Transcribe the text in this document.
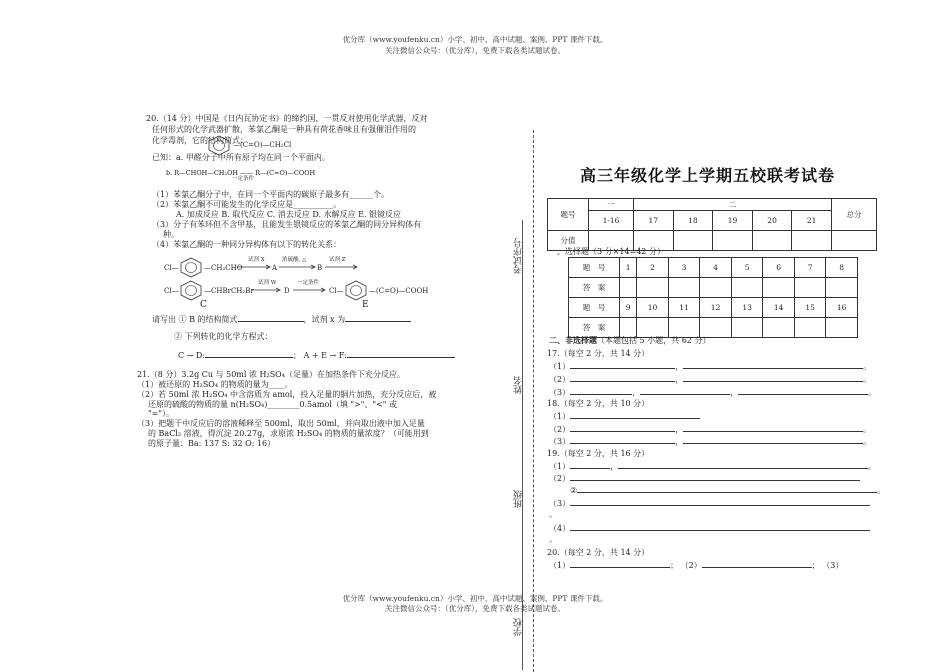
优分库（www.youfenku.cn）小学、初中、高中试题、案例、PPT 课件下载。
关注微信公众号：（优分库），免费下载各类试题试卷。
20.（14 分）中国是《日内瓦协定书》的缔约国，一贯反对使用化学武器，反对
任何形式的化学武器扩散，苯氯乙酮是一种具有荷花香味且有强催泪作用的
化学毒剂，它的结构简式：
—(C=O)—CH₂Cl
已知：a. 甲醛分子中所有原子均在同一个平面内。
b. R—CHOH—CH₂OH —— R—(C=O)—COOH
一定条件
（1）苯氯乙酮分子中，在同一个平面内的碳原子最多有______个。
（2）苯氯乙酮不可能发生的化学反应是__________。
A. 加成反应 B. 取代反应 C. 消去反应 D. 水解反应 E. 银镜反应
（3）分子有苯环但不含甲基，且能发生银镜反应的苯氯乙酮的同分异构体有
种。
（4）苯氯乙酮的一种同分异构体有以下的转化关系：
Cl—	—CH₂CHO
试剂 X
A
浓硫酸, △
B
试剂 Z
Cl—	—CHBrCH₂Br
试剂 W
D
一定条件
Cl—	—(C=O)—COOH
C	E
请写出 ① B 的结构简式	，试剂 x 为
② 下列转化的化学方程式：
C → D:	； A + E → F:
21.（8 分）3.2g Cu 与 50ml 浓 H₂SO₄（足量）在加热条件下充分反应。
（1）被还原的 H₂SO₄ 的物质的量为____。
（2）若 50ml 浓 H₂SO₄ 中含溶质为 amol，投入足量的铜片加热，充分反应后，被
还原的硫酸的物质的量 n(H₂SO₄)________0.5amol（填 ">"、"<" 或
"="）。
（3）把题干中反应后的溶液稀释至 500ml，取出 50ml，并向取出液中加入足量
的 BaCl₂ 溶液，得沉淀 20.27g，求原浓 H₂SO₄ 的物质的量浓度？（可能用到
的原子量：Ba: 137 S: 32 O: 16）
考试序号
姓名
班级
学校
高三年级化学上学期五校联考试卷
题号	一	二					总分
	1-16	17	18	19	20	21	
分值							
一、选择题（3 分×14=42 分）
题　号	1	2	3	4	5	6	7	8
答　案								
题　号	9	10	11	12	13	14	15	16
答　案								
二、非选择题（本题包括 5 小题，共 62 分）
17.（每空 2 分，共 14 分）
（1）	，	。
（2）	，	。
（3）	，	，	。
18.（每空 2 分，共 10 分）
（1）
（2）	，	。
（3）	，	。
19.（每空 2 分，共 16 分）
（1）	，	。
（2）
②	。
（3）
。
（4）
。
20.（每空 2 分，共 14 分）
（1）	； （2）	； （3）
优分库（www.youfenku.cn）小学、初中、高中试题、案例、PPT 课件下载。
关注微信公众号：（优分库），免费下载各类试题试卷。
